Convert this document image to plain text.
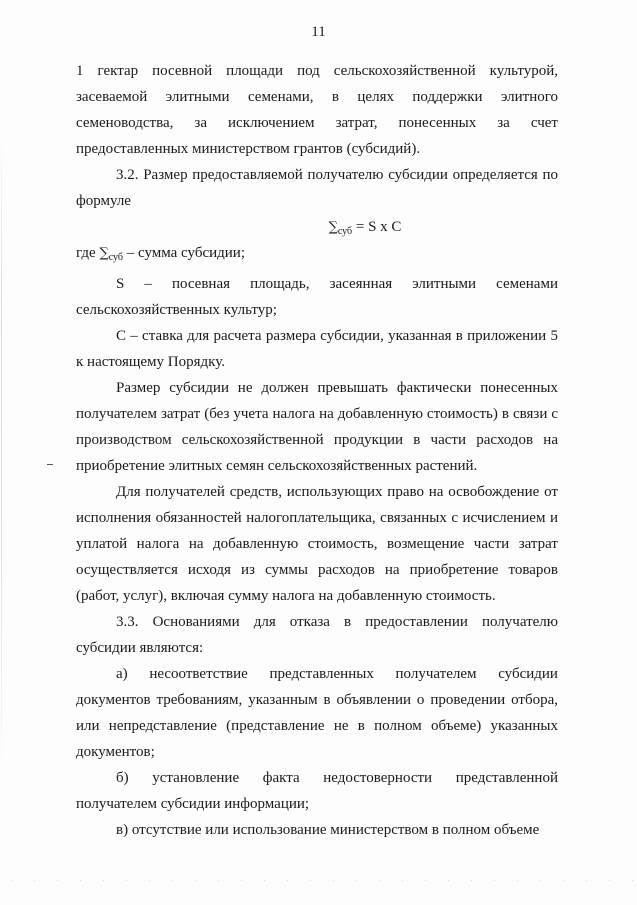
11

1 гектар посевной площади под сельскохозяйственной культурой, засеваемой элитными семенами, в целях поддержки элитного семеноводства, за исключением затрат, понесенных за счет предоставленных министерством грантов (субсидий).

3.2. Размер предоставляемой получателю субсидии определяется по формуле

$\sum_{суб} = S$ x C

где $\sum_{суб}$ – сумма субсидии;

S – посевная площадь, засеянная элитными семенами

сельскохозяйственных культур;

С – ставка для расчета размера субсидии, указанная в приложении 5 к настоящему Порядку.

Размер субсидии не должен превышать фактически понесенных получателем затрат (без учета налога на добавленную стоимость) в связи с производством сельскохозяйственной продукции в части расходов на приобретение элитных семян сельскохозяйственных растений.

Для получателей средств, использующих право на освобождение от исполнения обязанностей налогоплательщика, связанных с исчислением и уплатой налога на добавленную стоимость, возмещение части затрат осуществляется исходя из суммы расходов на приобретение товаров (работ, услуг), включая сумму налога на добавленную стоимость.

3.3. Основаниями для отказа в предоставлении получателю субсидии являются:

а) несоответствие представленных получателем субсидии

документов требованиям, указанным в объявлении о проведении отбора, или непредставление (представление не в полном объеме) указанных документов;

б) установление факта недостоверности представленной получателем субсидии информации;

в) отсутствие или использование министерством в полном объеме
